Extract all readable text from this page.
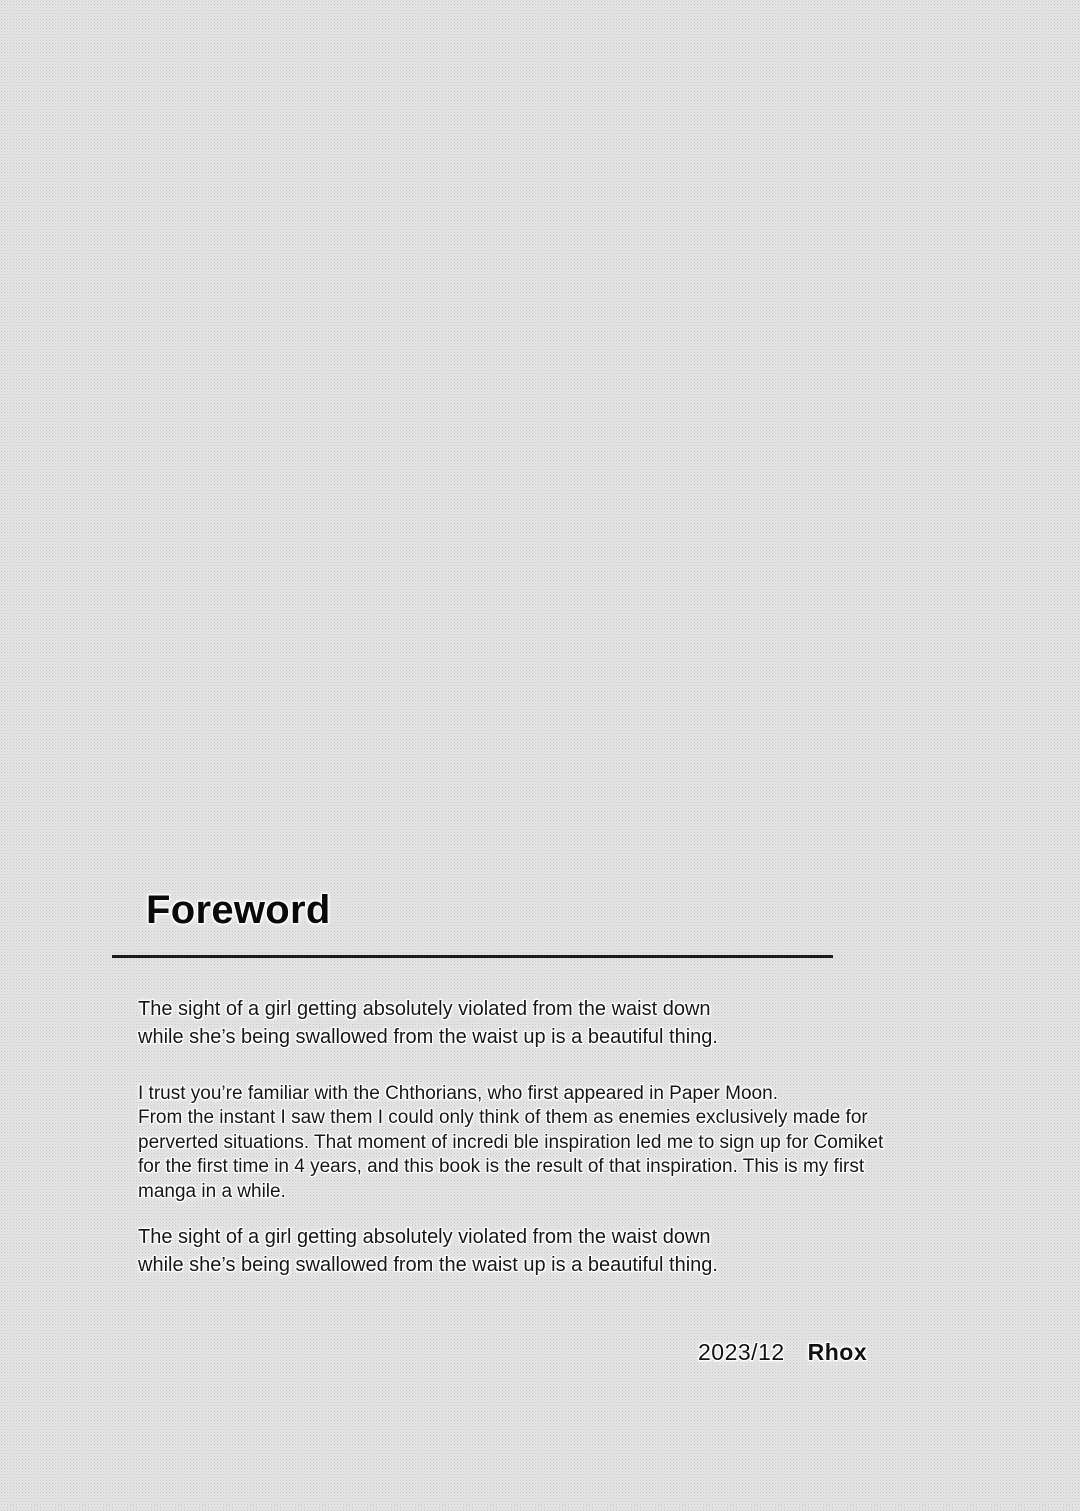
Foreword

The sight of a girl getting absolutely violated from the waist down
while she’s being swallowed from the waist up is a beautiful thing.

I trust you’re familiar with the Chthorians, who first appeared in Paper Moon.
From the instant I saw them I could only think of them as enemies exclusively made for
perverted situations. That moment of incredi ble inspiration led me to sign up for Comiket
for the first time in 4 years, and this book is the result of that inspiration. This is my first
manga in a while.

The sight of a girl getting absolutely violated from the waist down
while she’s being swallowed from the waist up is a beautiful thing.

2023/12 Rhox
